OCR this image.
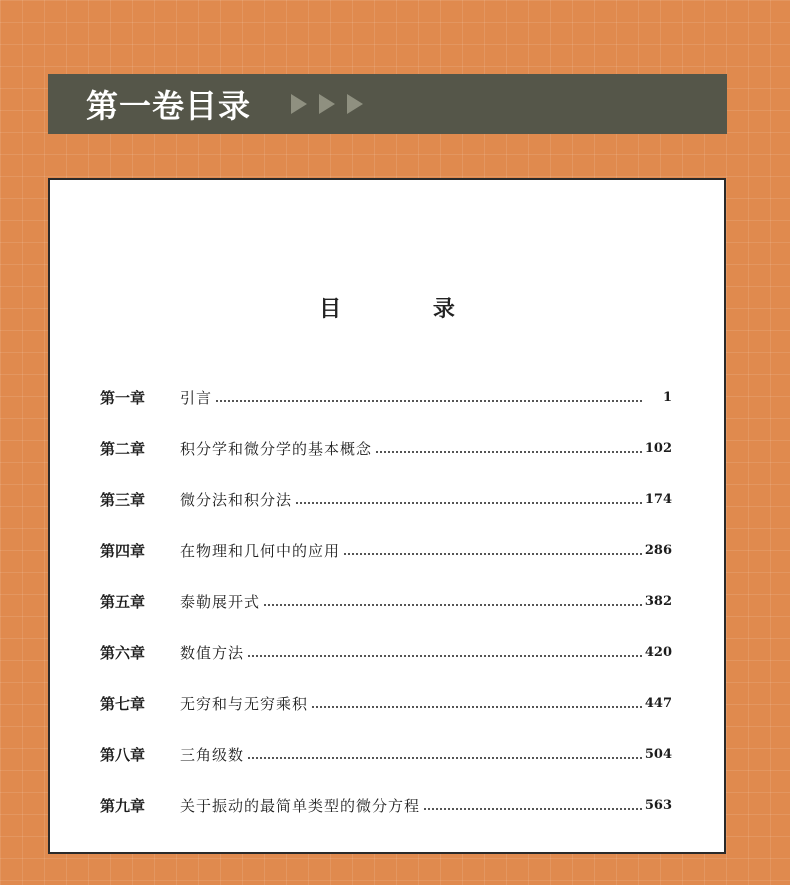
第一卷目录
目 录
第一章	引言	1
第二章	积分学和微分学的基本概念	102
第三章	微分法和积分法	174
第四章	在物理和几何中的应用	286
第五章	泰勒展开式	382
第六章	数值方法	420
第七章	无穷和与无穷乘积	447
第八章	三角级数	504
第九章	关于振动的最简单类型的微分方程	563
